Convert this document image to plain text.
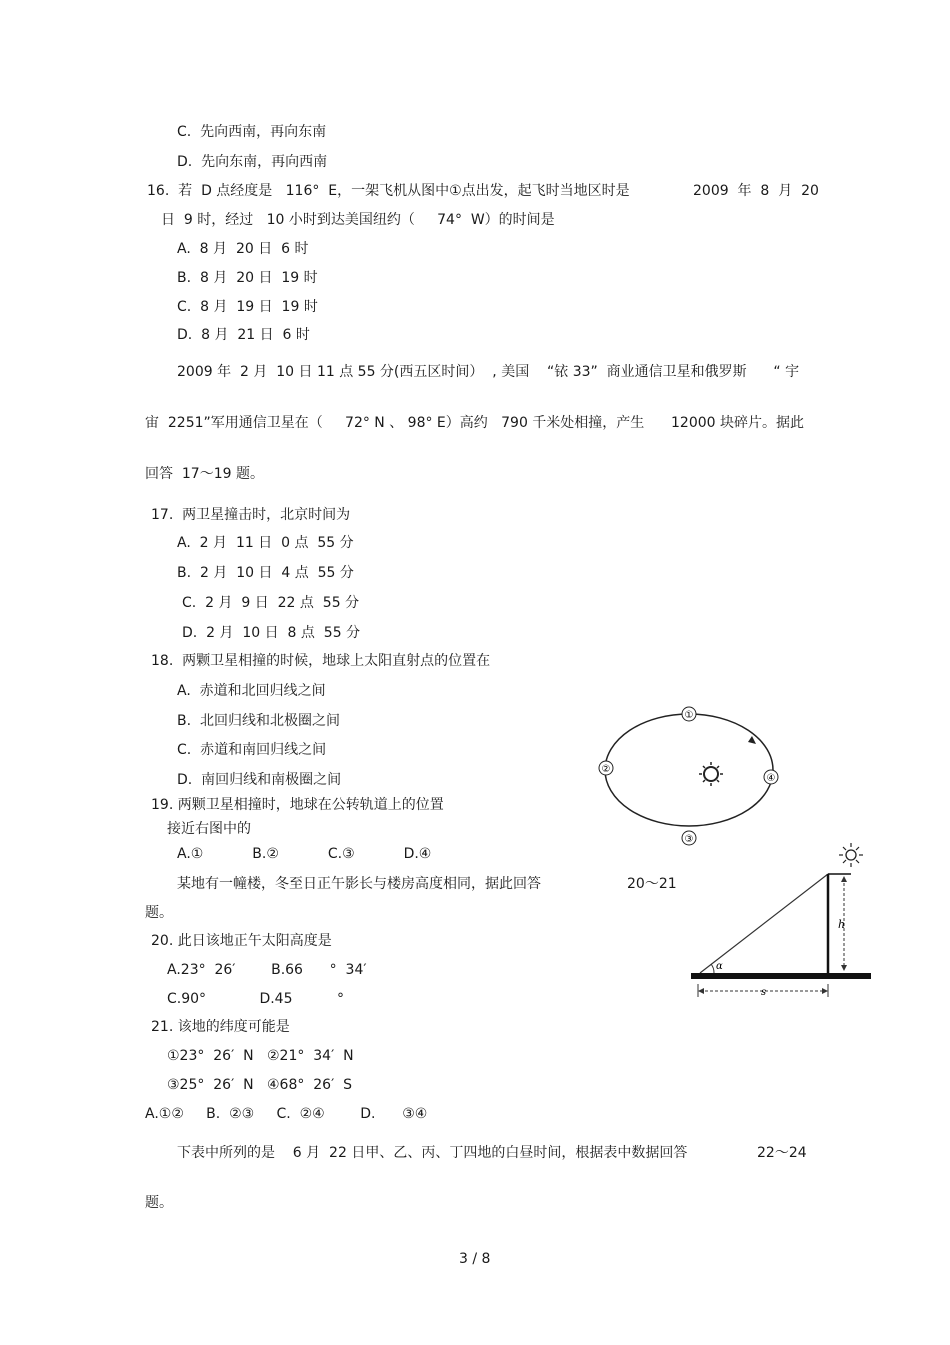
C.  先向西南，再向东南
D.  先向东南，再向西南
16.  若  D 点经度是   116°  E，一架飞机从图中①点出发，起飞时当地区时是	2009  年  8  月  20
日  9 时，经过   10 小时到达美国纽约（     74°  W）的时间是
A.  8 月  20 日  6 时
B.  8 月  20 日  19 时
C.  8 月  19 日  19 时
D.  8 月  21 日  6 时
2009 年  2 月  10 日 11 点 55 分(西五区时间）  , 美国    “铱 33”  商业通信卫星和俄罗斯      “ 宇
宙  2251”军用通信卫星在（     72° N 、 98° E）高约   790 千米处相撞，产生      12000 块碎片。据此
回答  17～19 题。
17.  两卫星撞击时，北京时间为
A.  2 月  11 日  0 点  55 分
B.  2 月  10 日  4 点  55 分
C.  2 月  9 日  22 点  55 分
D.  2 月  10 日  8 点  55 分
18.  两颗卫星相撞的时候，地球上太阳直射点的位置在
A.  赤道和北回归线之间
B.  北回归线和北极圈之间
C.  赤道和南回归线之间
D.  南回归线和南极圈之间
19. 两颗卫星相撞时，地球在公转轨道上的位置
接近右图中的
A.①           B.②           C.③           D.④
某地有一幢楼，冬至日正午影长与楼房高度相同，据此回答	20～21
题。
20. 此日该地正午太阳高度是
A.23°  26′        B.66      °  34′
C.90°            D.45          °
21. 该地的纬度可能是
①23°  26′  N   ②21°  34′  N
③25°  26′  N   ④68°  26′  S
A.①②     B.  ②③     C.  ②④        D.      ③④
下表中所列的是    6 月  22 日甲、乙、丙、丁四地的白昼时间，根据表中数据回答	22～24
题。
①
②
③
④
h
α
s
3 / 8
